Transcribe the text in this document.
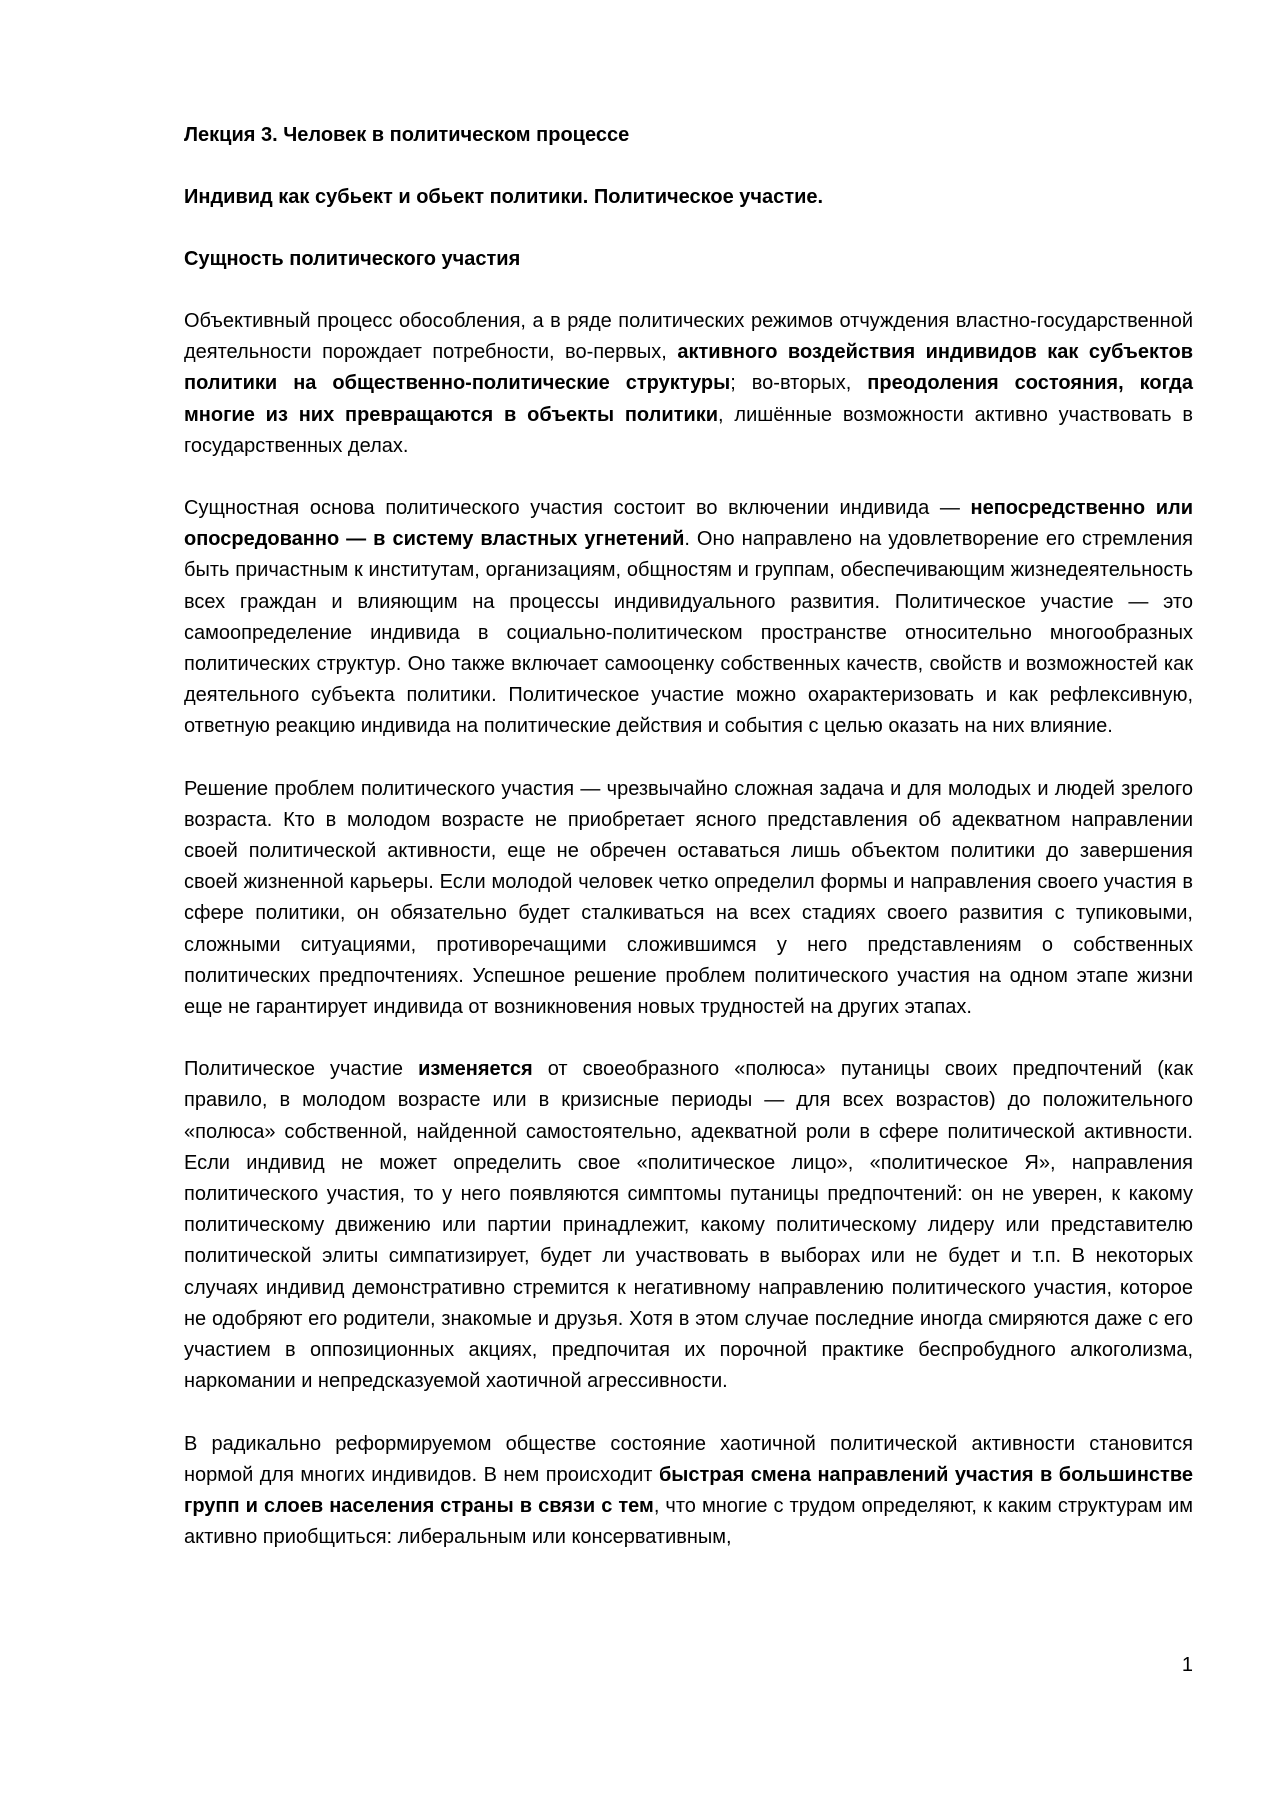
Лекция 3. Человек в политическом процессе
Индивид как субьект и обьект политики. Политическое участие.
Сущность политического участия
Объективный процесс обособления, а в ряде политических режимов отчуждения властно-государственной деятельности порождает потребности, во-первых, активного воздействия индивидов как субъектов политики на общественно-политические структуры; во-вторых, преодоления состояния, когда многие из них превращаются в объекты политики, лишённые возможности активно участвовать в государственных делах.
Сущностная основа политического участия состоит во включении индивида — непосредственно или опосредованно — в систему властных угнетений. Оно направлено на удовлетворение его стремления быть причастным к институтам, организациям, общностям и группам, обеспечивающим жизнедеятельность всех граждан и влияющим на процессы индивидуального развития. Политическое участие — это самоопределение индивида в социально-политическом пространстве относительно многообразных политических структур. Оно также включает самооценку собственных качеств, свойств и возможностей как деятельного субъекта политики. Политическое участие можно охарактеризовать и как рефлексивную, ответную реакцию индивида на политические действия и события с целью оказать на них влияние.
Решение проблем политического участия — чрезвычайно сложная задача и для молодых и людей зрелого возраста. Кто в молодом возрасте не приобретает ясного представления об адекватном направлении своей политической активности, еще не обречен оставаться лишь объектом политики до завершения своей жизненной карьеры. Если молодой человек четко определил формы и направления своего участия в сфере политики, он обязательно будет сталкиваться на всех стадиях своего развития с тупиковыми, сложными ситуациями, противоречащими сложившимся у него представлениям о собственных политических предпочтениях. Успешное решение проблем политического участия на одном этапе жизни еще не гарантирует индивида от возникновения новых трудностей на других этапах.
Политическое участие изменяется от своеобразного «полюса» путаницы своих предпочтений (как правило, в молодом возрасте или в кризисные периоды — для всех возрастов) до положительного «полюса» собственной, найденной самостоятельно, адекватной роли в сфере политической активности. Если индивид не может определить свое «политическое лицо», «политическое Я», направления политического участия, то у него появляются симптомы путаницы предпочтений: он не уверен, к какому политическому движению или партии принадлежит, какому политическому лидеру или представителю политической элиты симпатизирует, будет ли участвовать в выборах или не будет и т.п. В некоторых случаях индивид демонстративно стремится к негативному направлению политического участия, которое не одобряют его родители, знакомые и друзья. Хотя в этом случае последние иногда смиряются даже с его участием в оппозиционных акциях, предпочитая их порочной практике беспробудного алкоголизма, наркомании и непредсказуемой хаотичной агрессивности.
В радикально реформируемом обществе состояние хаотичной политической активности становится нормой для многих индивидов. В нем происходит быстрая смена направлений участия в большинстве групп и слоев населения страны в связи с тем, что многие с трудом определяют, к каким структурам им активно приобщиться: либеральным или консервативным,
1
